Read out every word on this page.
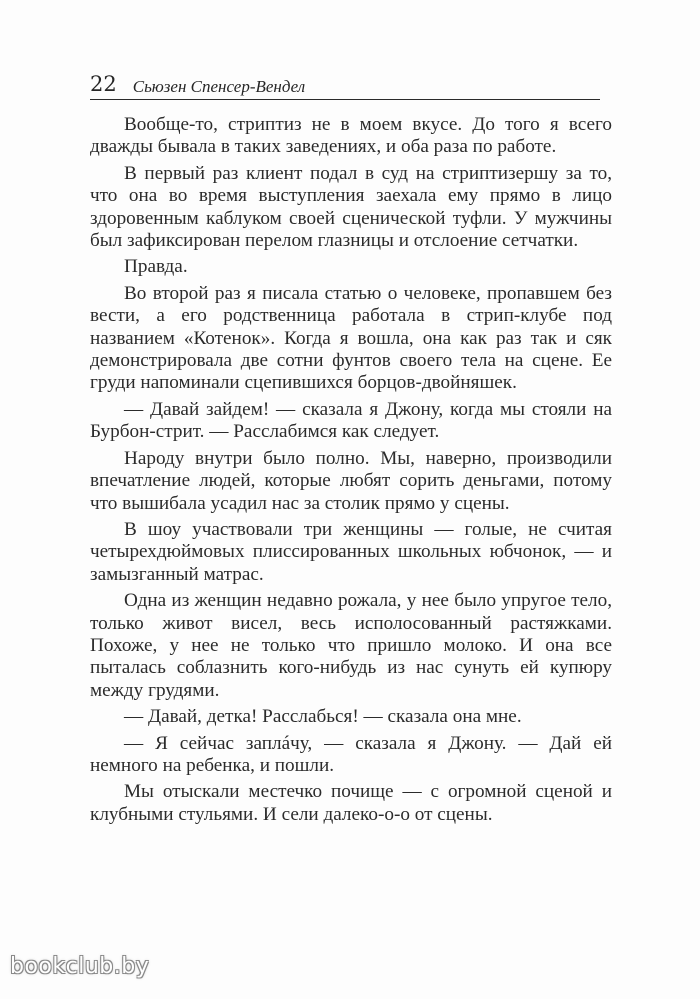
22 Сьюзен Спенсер-Вендел

Вообще-то, стриптиз не в моем вкусе. До того я всего дважды бывала в таких заведениях, и оба раза по работе.

В первый раз клиент подал в суд на стриптизершу за то, что она во время выступления заехала ему прямо в лицо здоровенным каблуком своей сценической туфли. У мужчины был зафиксирован перелом глазницы и отслоение сетчатки.

Правда.

Во второй раз я писала статью о человеке, пропавшем без вести, а его родственница работала в стрип-клубе под названием «Котенок». Когда я вошла, она как раз так и сяк демонстрировала две сотни фунтов своего тела на сцене. Ее груди напоминали сцепившихся борцов-двойняшек.

— Давай зайдем! — сказала я Джону, когда мы стояли на Бурбон-стрит. — Расслабимся как следует.

Народу внутри было полно. Мы, наверно, производили впечатление людей, которые любят сорить деньгами, потому что вышибала усадил нас за столик прямо у сцены.

В шоу участвовали три женщины — голые, не считая четырехдюймовых плиссированных школьных юбчонок, — и замызганный матрас.

Одна из женщин недавно рожала, у нее было упругое тело, только живот висел, весь исполосованный растяжками. Похоже, у нее не только что пришло молоко. И она все пыталась соблазнить кого-нибудь из нас сунуть ей купюру между грудями.

— Давай, детка! Расслабься! — сказала она мне.

— Я сейчас заплáчу, — сказала я Джону. — Дай ей немного на ребенка, и пошли.

Мы отыскали местечко почище — с огромной сценой и клубными стульями. И сели далеко-о-о от сцены.

bookclub.by
